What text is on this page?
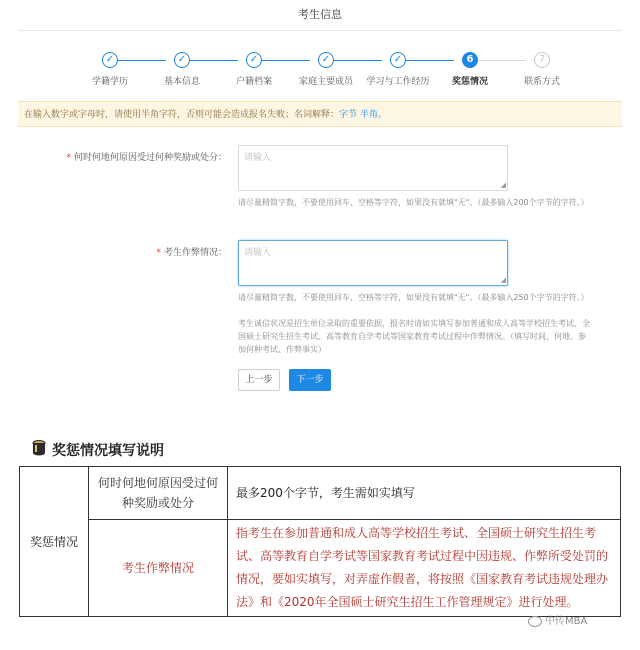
考生信息
✓
学籍学历
✓
基本信息
✓
户籍档案
✓
家庭主要成员
✓
学习与工作经历
6
奖惩情况
7
联系方式
在输入数字或字母时，请使用半角字符，否则可能会造成报名失败；名词解释：字节 半角。
* 何时何地何原因受过何种奖励或处分：	请输入
◢
请尽量精简字数，不要使用回车、空格等字符，如果没有就填"无"。（最多输入200个字节的字符。）
* 考生作弊情况：	请输入
◢
请尽量精简字数，不要使用回车、空格等字符，如果没有就填"无"。（最多输入250个字节的字符。）
考生诚信状况是招生单位录取的重要依据，报名时请如实填写参加普通和成人高等学校招生考试、全国硕士研究生招生考试、高等教育自学考试等国家教育考试过程中作弊情况。（填写时间、何地、参加何种考试、作弊事实）
上一步	下一步
奖惩情况填写说明
奖惩情况	何时何地何原因受过何种奖励或处分	最多200个字节，考生需如实填写
	考生作弊情况	指考生在参加普通和成人高等学校招生考试、全国硕士研究生招生考试、高等教育自学考试等国家教育考试过程中因违规、作弊所受处罚的情况，要如实填写，对弄虚作假者，将按照《国家教育考试违规处理办法》和《2020年全国硕士研究生招生工作管理规定》进行处理。
中传MBA
